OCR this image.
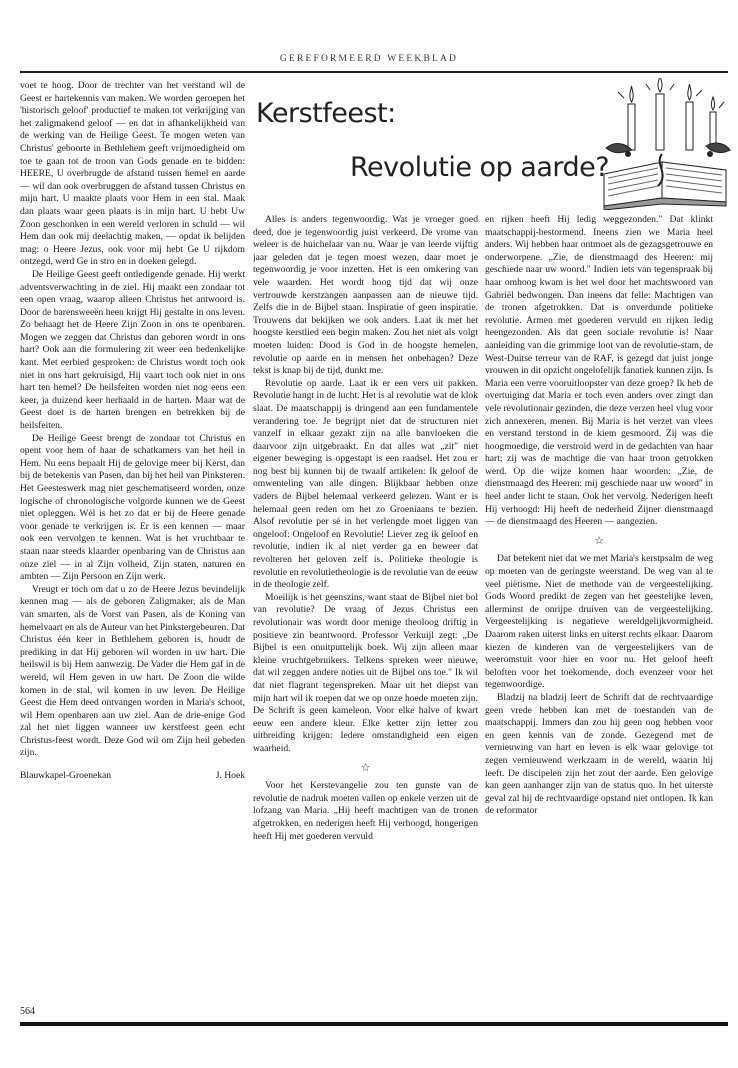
GEREFORMEERD WEEKBLAD

voet te hoog. Door de trechter van het verstand wil de Geest er hartekennis van maken. We worden geroepen het 'historisch geloof' productief te maken tot verkrijging van het zaligmakend geloof — en dat in afhankelijkheid van de werking van de Heilige Geest. Te mogen weten van Christus' geboorte in Bethlehem geeft vrijmoedigheid om toe te gaan tot de troon van Gods genade en te bidden: HEERE, U overbrugde de afstand tussen hemel en aarde — wil dan ook overbruggen de afstand tussen Christus en mijn hart. U maakte plaats voor Hem in een stal. Maak dan plaats waar geen plaats is in mijn hart. U hebt Uw Zoon geschonken in een wereld verloren in schuld — wil Hem dan ook mij deelachtig maken, — opdat ik belijden mag: o Heere Jezus, ook voor mij hebt Ge U rijkdom ontzegd, werd Ge in stro en in doeken gelegd.

De Heilige Geest geeft ontledigende genade. Hij werkt adventsverwachting in de ziel. Hij maakt een zondaar tot een open vraag, waarop alleen Christus het antwoord is. Door de barensweeën heen krijgt Hij gestalte in ons leven. Zo behaagt het de Heere Zijn Zoon in ons te openbaren. Mogen we zeggen dat Christus dan geboren wordt in ons hart? Ook aan die formulering zit weer een bedenkelijke kant. Met eerbied gesproken: de Christus wordt toch ook niet in ons hart gekruisigd, Hij vaart toch ook niet in ons hart ten hemel? De heilsfeiten worden niet nog eens een keer, ja duizend keer herhaald in de harten. Maar wat de Geest doet is de harten brengen en betrekken bij de heilsfeiten.

De Heilige Geest brengt de zondaar tot Christus en opent voor hem of haar de schatkamers van het heil in Hem. Nu eens bepaalt Hij de gelovige meer bij Kerst, dan bij de betekenis van Pasen, dan bij het heil van Pinksteren. Het Geesteswerk mag niet geschematiseerd worden, onze logische of chronologische volgorde kunnen we de Geest niet opleggen. Wèl is het zo dat er bij de Heere genade voor genade te verkrijgen is. Er is een kennen — maar ook een vervolgen te kennen. Wat is het vruchtbaar te staan naar steeds klaarder openbaring van de Christus aan onze ziel — in al Zijn volheid, Zijn staten, naturen en ambten — Zijn Persoon en Zijn werk.

Vreugt er toch om dat u zo de Heere Jezus bevindelijk kennen mag — als de geboren Zaligmaker, als de Man van smarten, als de Vorst van Pasen, als de Koning van hemelvaart en als de Auteur van het Pinkstergebeuren. Dat Christus één keer in Bethlehem geboren is, houdt de prediking in dat Hij geboren wil worden in uw hart. Die heilswil is bij Hem aanwezig. De Vader die Hem gaf in de wereld, wil Hem geven in uw hart. De Zoon die wilde komen in de stal, wil komen in uw leven. De Heilige Geest die Hem deed ontvangen worden in Maria's schoot, wil Hem openbaren aan uw ziel. Aan de drie-enige God zal het niet liggen wanneer uw kerstfeest geen echt Christus-feest wordt. Deze God wil om Zijn heil gebeden zijn.

Blauwkapel-Groenekan	J. Hoek
Kerstfeest:
Revolutie op aarde?

Alles is anders tegenwoordig. Wat je vroeger goed deed, doe je tegenwoordig juist verkeerd. De vrome van weleer is de huichelaar van nu. Waar je van leerde vijftig jaar geleden dat je tegen moest wezen, daar moet je tegenwoordig je voor inzetten. Het is een omkering van vele waarden. Het wordt hoog tijd dat wij onze vertrouwde kerstzangen aanpassen aan de nieuwe tijd. Zelfs die in de Bijbel staan. Inspiratie of geen inspiratie. Trouwens dat bekijken we ook anders. Laat ik met het hoogste kerstlied een begin maken. Zou het niet als volgt moeten luiden: Dood is God in de hoogste hemelen, revolutie op aarde en in mensen het onbehagen? Deze tekst is knap bij de tijd, dunkt me.

Revolutie op aarde. Laat ik er een vers uit pakken. Revolutie hangt in de lucht. Het is al revolutie wat de klok slaat. De maatschappij is dringend aan een fundamentele verandering toe. Je begrijpt niet dat de structuren niet vanzelf in elkaar gezakt zijn na alle banvloeken die daarvoor zijn uitgebraakt. En dat alles wat „zit" niet eigener beweging is opgestapt is een raadsel. Het zou er nog best bij kunnen bij de twaalf artikelen: Ik geloof de omwenteling van alle dingen. Blijkbaar hebben onze vaders de Bijbel helemaal verkeerd gelezen. Want er is helemaal geen reden om het zo Groeniaans te bezien. Alsof revolutie per sé in het verlengde moet liggen van ongeloof: Ongeloof en Revolutie! Liever zeg ik geloof en revolutie, indien ik al niet verder ga en beweer dat revolteren het geloven zelf is. Politieke theologie is revolutie en revolutietheologie is de revolutie van de eeuw in de theologie zelf.

Moeilijk is het geenszins, want staat de Bijbel niet bol van revolutie? De vraag of Jezus Christus een revolutionair was wordt door menige theoloog driftig in positieve zin beantwoord. Professor Verkuijl zegt: „De Bijbel is een onuitputtelijk boek. Wij zijn alleen maar kleine vruchtgebruikers. Telkens spreken weer nieuwe, dat wil zeggen andere noties uit de Bijbel ons toe." Ik wil dat niet flagrant tegenspreken. Maar uit het diepst van mijn hart wil ik roepen dat we op onze hoede moeten zijn. De Schrift is geen kameleon. Voor elke halve of kwart eeuw een andere kleur. Elke ketter zijn letter zou uitbreiding krijgen: Iedere omstandigheid een eigen waarheid.

☆

Voor het Kerstevangelie zou ten gunste van de revolutie de nadruk moeten vallen op enkele verzen uit de lofzang van Maria. „Hij heeft machtigen van de tronen afgetrokken, en nederigen heeft Hij verhoogd, hongerigen heeft Hij met goederen vervuld

en rijken heeft Hij ledig weggezonden." Dat klinkt maatschappij-bestormend. Ineens zien we Maria heel anders. Wij hebben haar ontmoet als de gezagsgetrouwe en onderworpene. „Zie, de dienstmaagd des Heeren: mij geschiede naar uw woord." Indien iets van tegenspraak bij haar omhoog kwam is het wel door het machtswoord van Gabriël bedwongen. Dan ineens dat felle: Machtigen van de tronen afgetrokken. Dat is onverdunde politieke revolutie. Armen met goederen vervuld en rijken ledig heengezonden. Als dat geen sociale revolutie is! Naar aanleiding van die grimmige loot van de revolutie-stam, de West-Duitse terreur van de RAF, is gezegd dat juist jonge vrouwen in dit opzicht ongelofelijk fanatiek kunnen zijn. Is Maria een verre vooruitloopster van deze groep? Ik heb de overtuiging dat Maria er toch even anders over zingt dan vele revolutionair gezinden, die deze verzen heel vlug voor zich annexeren, menen. Bij Maria is het verzet van vlees en verstand terstond in de kiem gesmoord. Zij was die hoogmoedige, die verstroid werd in de gedachten van haar hart; zij was de machtige die van haar troon getrokken werd. Op die wijze komen haar woorden: „Zie, de dienstmaagd des Heeren: mij geschiede naar uw woord" in heel ander licht te staan. Ook het vervolg. Nederigen heeft Hij verhoogd: Hij heeft de nederheid Zijner dienstmaagd — de dienstmaagd des Heeren — aangezien.

☆

Dat betekent niet dat we met Maria's kerstpsalm de weg op moeten van de geringste weerstand. De weg van al te veel piëtisme. Niet de methode van de vergeestelijking. Gods Woord predikt de zegen van het geestelijke leven, allerminst de onrijpe druiven van de vergeestelijking. Vergeestelijking is negatieve wereldgelijkvormigheid. Daarom raken uiterst links en uiterst rechts elkaar. Daarom kiezen de kinderen van de vergeestelijkers van de weeromstuit voor hier en voor nu. Het geloof heeft beloften voor het toekomende, doch evenzeer voor het tegenwoordige.

Bladzij na bladzij leert de Schrift dat de rechtvaardige geen vrede hebben kan met de toestanden van de maatschappij. Immers dan zou hij geen oog hebben voor en geen kennis van de zonde. Gezegend met de vernieuwing van hart en leven is elk waar gelovige tot zegen vernieuwend werkzaam in de wereld, waarin hij leeft. De discipelen zijn het zout der aarde. Een gelovige kan geen aanhanger zijn van de status quo. In het uiterste geval zal hij de rechtvaardige opstand niet ontlopen. Ik kan de reformator

564
